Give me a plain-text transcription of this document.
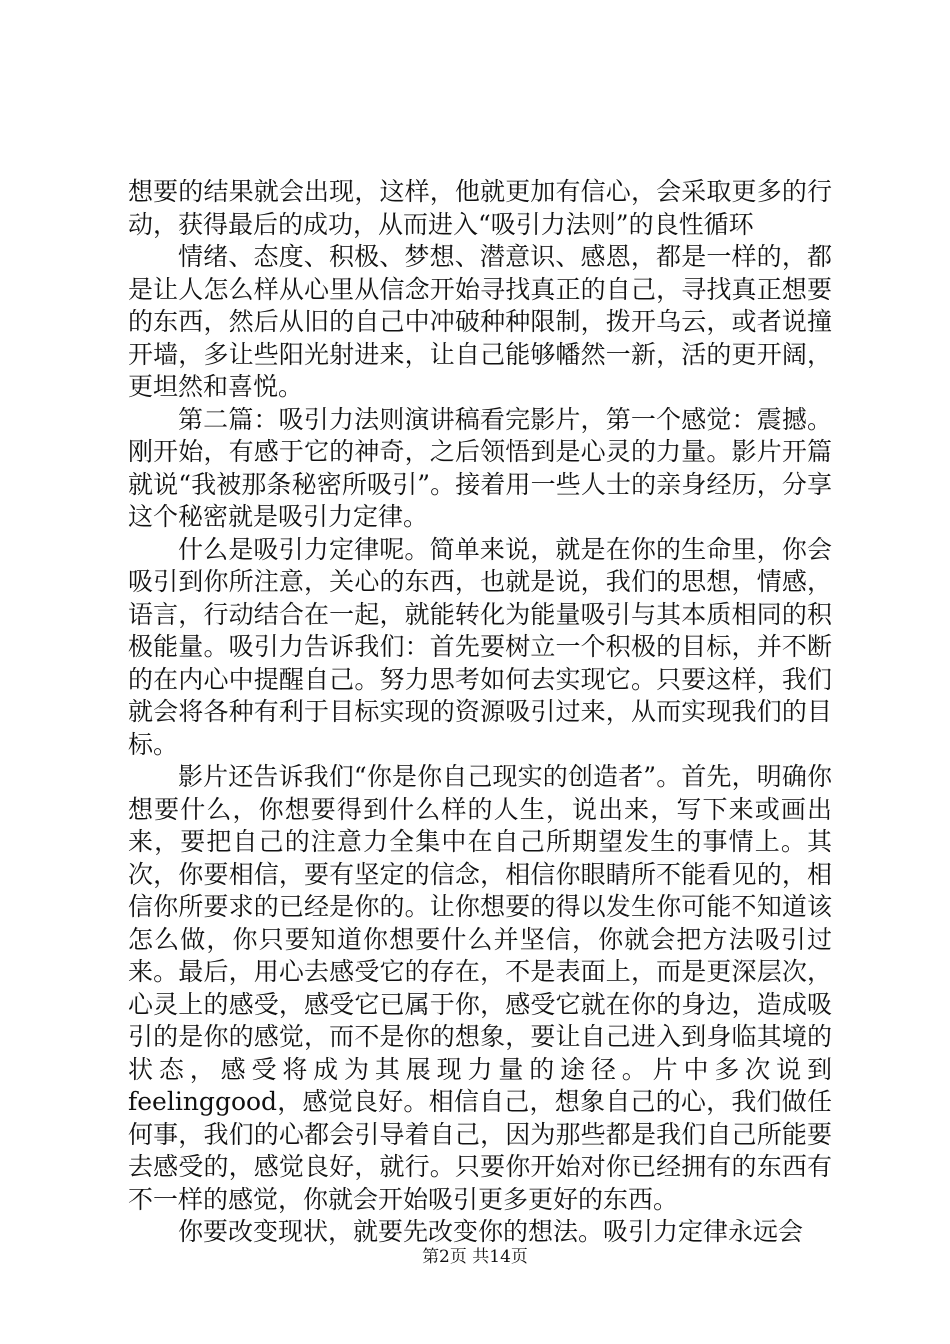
想要的结果就会出现，这样，他就更加有信心，会采取更多的行动，获得最后的成功，从而进入“吸引力法则”的良性循环

情绪、态度、积极、梦想、潜意识、感恩，都是一样的，都是让人怎么样从心里从信念开始寻找真正的自己，寻找真正想要的东西，然后从旧的自己中冲破种种限制，拨开乌云，或者说撞开墙，多让些阳光射进来，让自己能够幡然一新，活的更开阔，更坦然和喜悦。

第二篇：吸引力法则演讲稿看完影片，第一个感觉：震撼。刚开始，有感于它的神奇，之后领悟到是心灵的力量。影片开篇就说“我被那条秘密所吸引”。接着用一些人士的亲身经历，分享这个秘密就是吸引力定律。

什么是吸引力定律呢。简单来说，就是在你的生命里，你会吸引到你所注意，关心的东西，也就是说，我们的思想，情感，语言，行动结合在一起，就能转化为能量吸引与其本质相同的积极能量。吸引力告诉我们：首先要树立一个积极的目标，并不断的在内心中提醒自己。努力思考如何去实现它。只要这样，我们就会将各种有利于目标实现的资源吸引过来，从而实现我们的目标。

影片还告诉我们“你是你自己现实的创造者”。首先，明确你想要什么，你想要得到什么样的人生，说出来，写下来或画出来，要把自己的注意力全集中在自己所期望发生的事情上。其次，你要相信，要有坚定的信念，相信你眼睛所不能看见的，相信你所要求的已经是你的。让你想要的得以发生你可能不知道该怎么做，你只要知道你想要什么并坚信，你就会把方法吸引过来。最后，用心去感受它的存在，不是表面上，而是更深层次，心灵上的感受，感受它已属于你，感受它就在你的身边，造成吸引的是你的感觉，而不是你的想象，要让自己进入到身临其境的状态，感受将成为其展现力量的途径。片中多次说到feelinggood，感觉良好。相信自己，想象自己的心，我们做任何事，我们的心都会引导着自己，因为那些都是我们自己所能要去感受的，感觉良好，就行。只要你开始对你已经拥有的东西有不一样的感觉，你就会开始吸引更多更好的东西。

你要改变现状，就要先改变你的想法。吸引力定律永远会

第2页 共14页
